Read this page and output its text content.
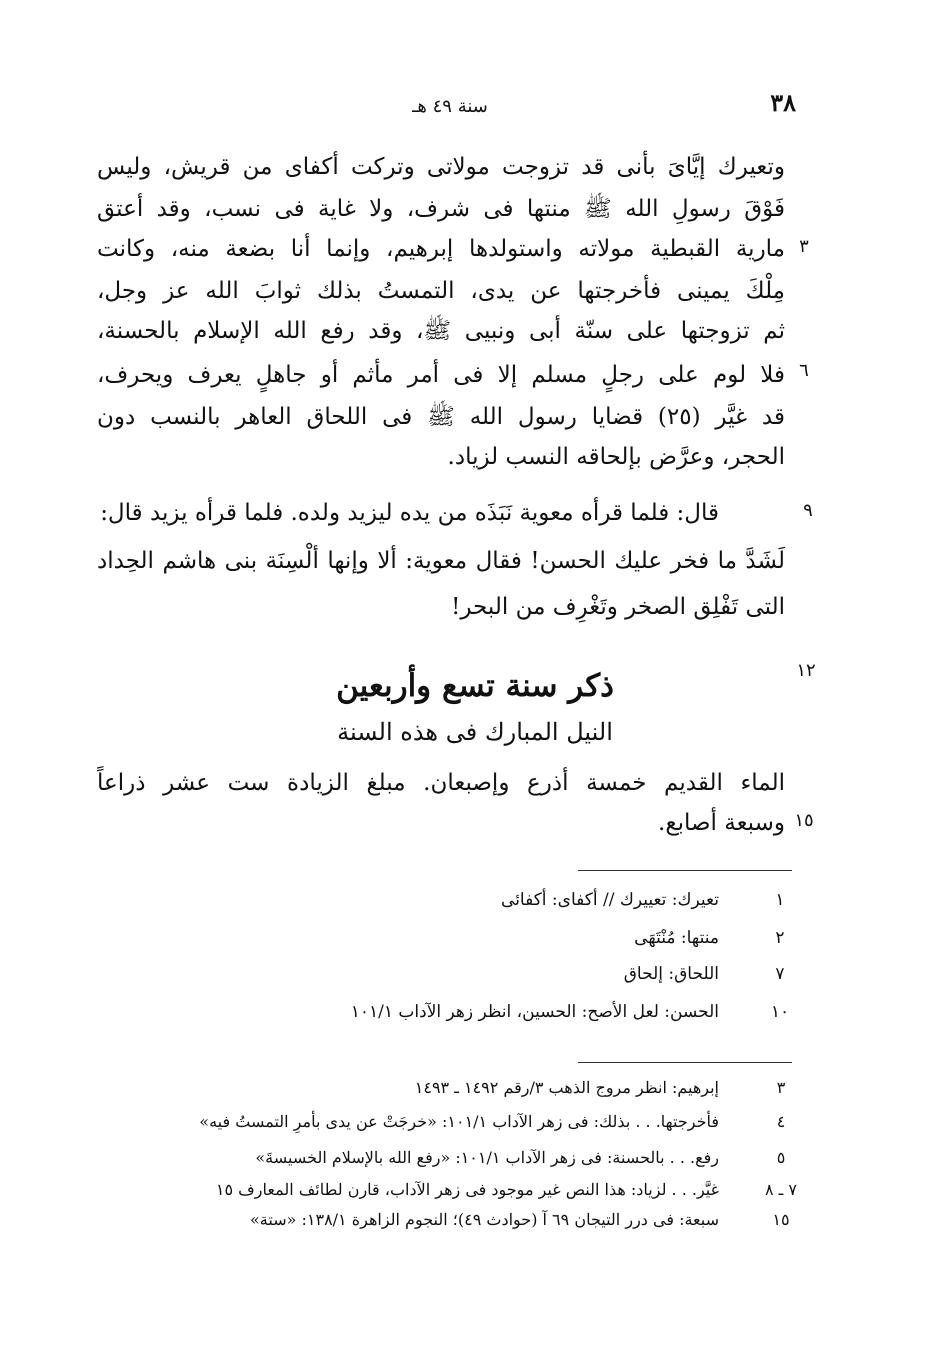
٣٨
سنة ٤٩ هـ
وتعيرك إيَّاىَ بأنى قد تزوجت مولاتى وتركت أكفاى من قريش، وليس
فَوْقَ رسولِ الله ﷺ منتها فى شرف، ولا غاية فى نسب، وقد أعتق
مارية القبطية مولاته واستولدها إبرهيم، وإنما أنا بضعة منه، وكانت
مِلْكَ يمينى فأخرجتها عن يدى، التمستُ بذلك ثوابَ الله عز وجل،
ثم تزوجتها على سنّة أبى ونبيى ﷺ، وقد رفع الله الإسلام بالحسنة،
فلا لوم على رجلٍ مسلم إلا فى أمر مأثم أو جاهلٍ يعرف ويحرف،
قد غيَّر (٢٥) قضايا رسول الله ﷺ فى اللحاق العاهر بالنسب دون
الحجر، وعرَّض بإلحاقه النسب لزياد.
٣
٦
قال: فلما قرأه معوية نَبَذَه من يده ليزيد ولده. فلما قرأه يزيد قال:
لَشَدَّ ما فخر عليك الحسن! فقال معوية: ألا وإنها ألْسِنَة بنى هاشم الحِداد
التى تَفْلِق الصخر وتَغْرِف من البحر!
٩
ذكر سنة تسع وأربعين	١٢
النيل المبارك فى هذه السنة
الماء القديم خمسة أذرع وإصبعان. مبلغ الزيادة ست عشر ذراعاً
وسبعة أصابع. ١٥
١
تعيرك: تعييرك // أكفاى: أكفائى
٢
منتها: مُنْتَهَى
٧
اللحاق: إلحاق
١٠
الحسن: لعل الأصح: الحسين، انظر زهر الآداب ١٠١/١
٣
إبرهيم: انظر مروج الذهب ٣/رقم ١٤٩٢ ـ ١٤٩٣
٤
فأخرجتها. . . بذلك: فى زهر الآداب ١٠١/١: «خرجَتْ عن يدى بأمرِ التمستُ فيه»
٥
رفع. . . بالحسنة: فى زهر الآداب ١٠١/١: «رفع الله بالإسلام الخسيسةَ»
٧ ـ ٨
غيَّر. . . لزياد: هذا النص غير موجود فى زهر الآداب، قارن لطائف المعارف ١٥
١٥
سبعة: فى درر التيجان ٦٩ آ (حوادث ٤٩)؛ النجوم الزاهرة ١٣٨/١: «ستة»
